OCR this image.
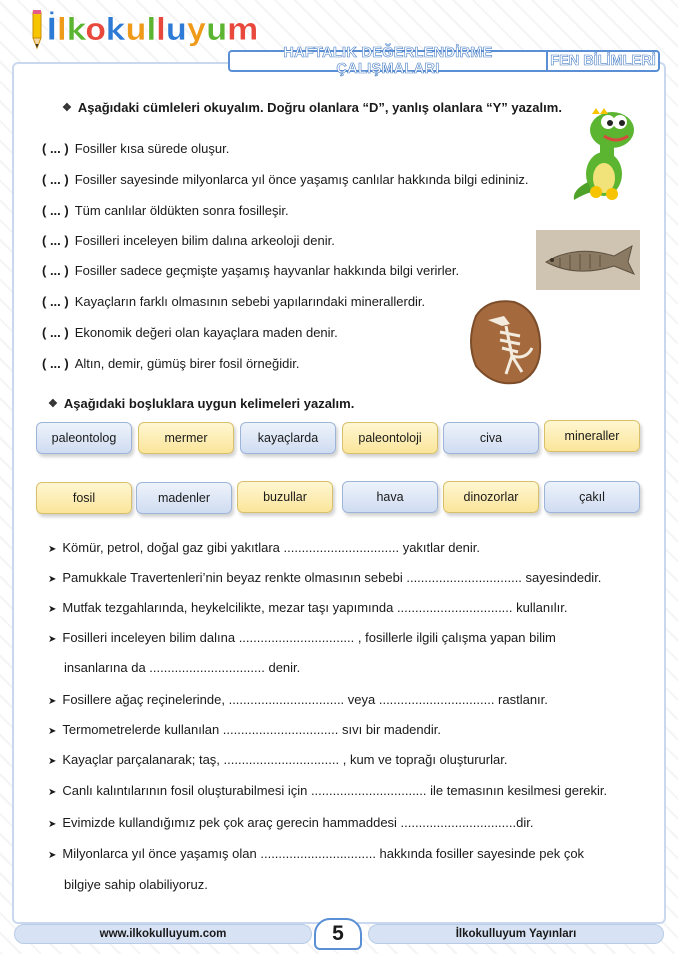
İlkokulluyum
HAFTALIK DEĞERLENDİRME ÇALIŞMALARI	FEN BİLİMLERİ
❖ Aşağıdaki cümleleri okuyalım. Doğru olanlara “D”, yanlış olanlara “Y” yazalım.
( ... ) Fosiller kısa sürede oluşur.
( ... ) Fosiller sayesinde milyonlarca yıl önce yaşamış canlılar hakkında bilgi edininiz.
( ... ) Tüm canlılar öldükten sonra fosilleşir.
( ... ) Fosilleri inceleyen bilim dalına arkeoloji denir.
( ... ) Fosiller sadece geçmişte yaşamış hayvanlar hakkında bilgi verirler.
( ... ) Kayaçların farklı olmasının sebebi yapılarındaki minerallerdir.
( ... ) Ekonomik değeri olan kayaçlara maden denir.
( ... ) Altın, demir, gümüş birer fosil örneğidir.
❖ Aşağıdaki boşluklara uygun kelimeleri yazalım.
paleontolog	mermer	kayaçlarda	paleontoloji	civa	mineraller
fosil	madenler	buzullar	hava	dinozorlar	çakıl
➤ Kömür, petrol, doğal gaz gibi yakıtlara ................................ yakıtlar denir.
➤ Pamukkale Travertenleri’nin beyaz renkte olmasının sebebi ................................ sayesindedir.
➤ Mutfak tezgahlarında, heykelcilikte, mezar taşı yapımında ................................ kullanılır.
➤ Fosilleri inceleyen bilim dalına ................................ , fosillerle ilgili çalışma yapan bilim
insanlarına da ................................ denir.
➤ Fosillere ağaç reçinelerinde, ................................ veya ................................ rastlanır.
➤ Termometrelerde kullanılan ................................ sıvı bir madendir.
➤ Kayaçlar parçalanarak; taş, ................................ , kum ve toprağı oluştururlar.
➤ Canlı kalıntılarının fosil oluşturabilmesi için ................................ ile temasının kesilmesi gerekir.
➤ Evimizde kullandığımız pek çok araç gerecin hammaddesi ................................dir.
➤ Milyonlarca yıl önce yaşamış olan ................................ hakkında fosiller sayesinde pek çok
bilgiye sahip olabiliyoruz.
www.ilkokulluyum.com	İlkokulluyum Yayınları
5
